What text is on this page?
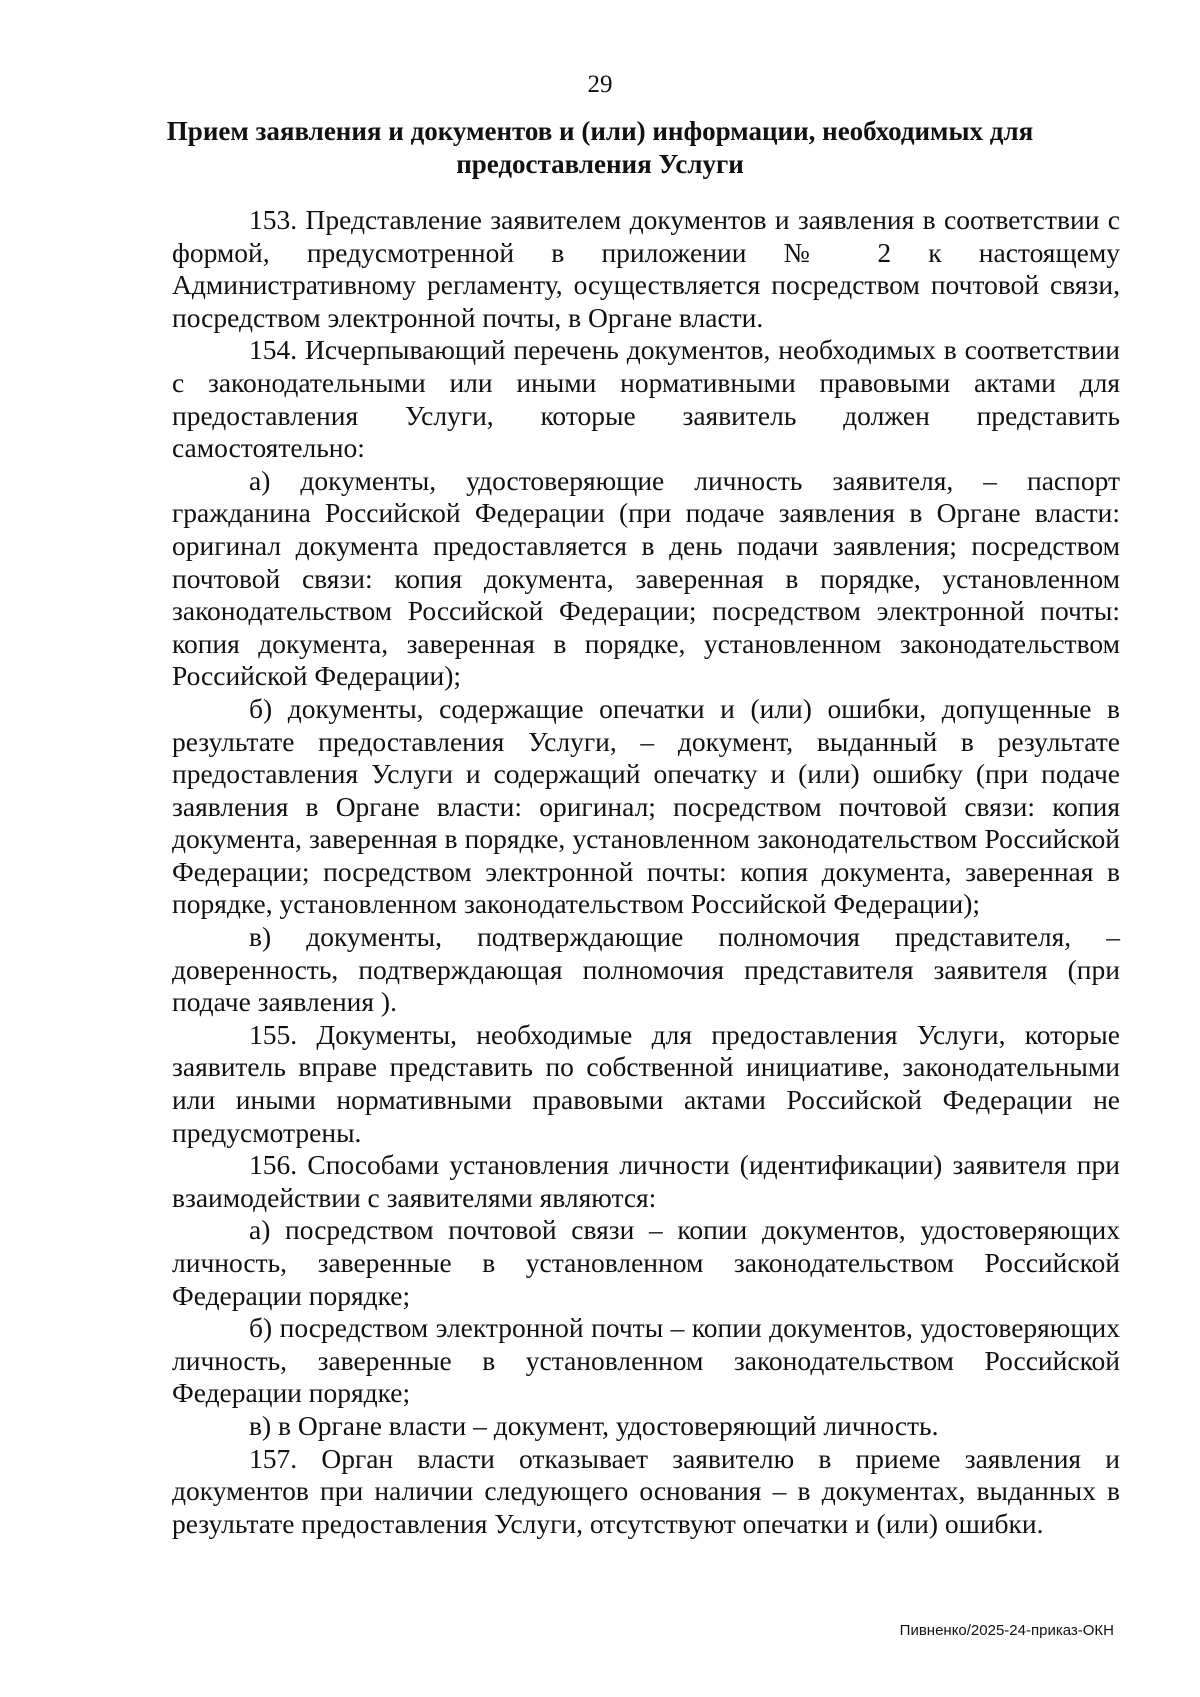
29
Прием заявления и документов и (или) информации, необходимых для
предоставления Услуги

153. Представление заявителем документов и заявления в соответствии с формой, предусмотренной в приложении № 2 к настоящему Административному регламенту, осуществляется посредством почтовой связи, посредством электронной почты, в Органе власти.

154. Исчерпывающий перечень документов, необходимых в соответствии с законодательными или иными нормативными правовыми актами для предоставления Услуги, которые заявитель должен представить самостоятельно:

а) документы, удостоверяющие личность заявителя, – паспорт гражданина Российской Федерации (при подаче заявления в Органе власти: оригинал документа предоставляется в день подачи заявления; посредством почтовой связи: копия документа, заверенная в порядке, установленном законодательством Российской Федерации; посредством электронной почты: копия документа, заверенная в порядке, установленном законодательством Российской Федерации);

б) документы, содержащие опечатки и (или) ошибки, допущенные в результате предоставления Услуги, – документ, выданный в результате предоставления Услуги и содержащий опечатку и (или) ошибку (при подаче заявления в Органе власти: оригинал; посредством почтовой связи: копия документа, заверенная в порядке, установленном законодательством Российской Федерации; посредством электронной почты: копия документа, заверенная в порядке, установленном законодательством Российской Федерации);

в) документы, подтверждающие полномочия представителя, – доверенность, подтверждающая полномочия представителя заявителя (при подаче заявления ).

155. Документы, необходимые для предоставления Услуги, которые заявитель вправе представить по собственной инициативе, законодательными или иными нормативными правовыми актами Российской Федерации не предусмотрены.

156. Способами установления личности (идентификации) заявителя при взаимодействии с заявителями являются:

а) посредством почтовой связи – копии документов, удостоверяющих личность, заверенные в установленном законодательством Российской Федерации порядке;

б) посредством электронной почты – копии документов, удостоверяющих личность, заверенные в установленном законодательством Российской Федерации порядке;

в) в Органе власти – документ, удостоверяющий личность.

157. Орган власти отказывает заявителю в приеме заявления и документов при наличии следующего основания – в документах, выданных в результате предоставления Услуги, отсутствуют опечатки и (или) ошибки.

Пивненко/2025-24-приказ-ОКН
